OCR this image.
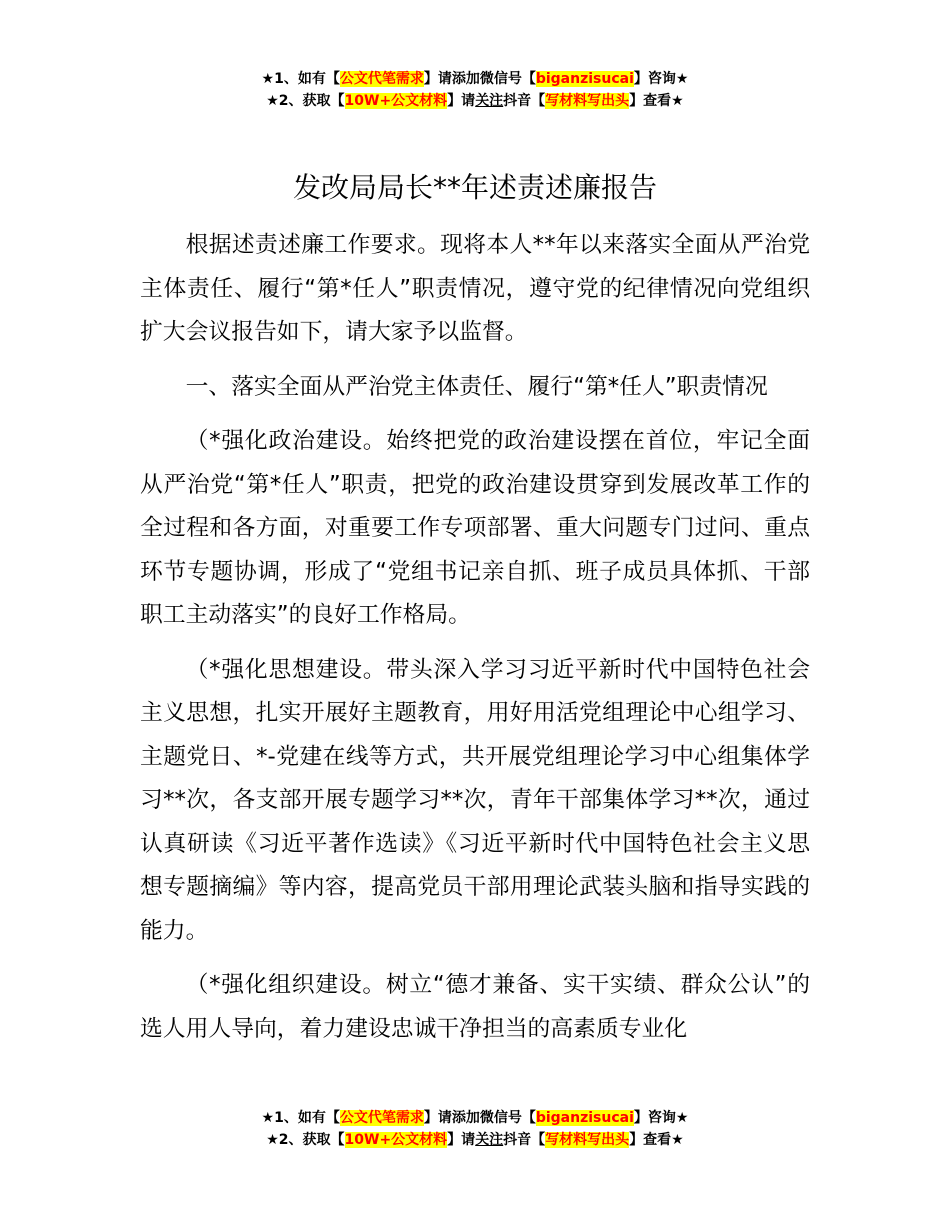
★1、如有【公文代笔需求】请添加微信号【biganzisucai】咨询★
★2、获取【10W+公文材料】请关注抖音【写材料写出头】查看★
发改局局长**年述责述廉报告

根据述责述廉工作要求。现将本人**年以来落实全面从严治党主体责任、履行“第*任人”职责情况，遵守党的纪律情况向党组织扩大会议报告如下，请大家予以监督。

一、落实全面从严治党主体责任、履行“第*任人”职责情况

（*强化政治建设。始终把党的政治建设摆在首位，牢记全面从严治党“第*任人”职责，把党的政治建设贯穿到发展改革工作的全过程和各方面，对重要工作专项部署、重大问题专门过问、重点环节专题协调，形成了“党组书记亲自抓、班子成员具体抓、干部职工主动落实”的良好工作格局。

（*强化思想建设。带头深入学习习近平新时代中国特色社会主义思想，扎实开展好主题教育，用好用活党组理论中心组学习、主题党日、*-党建在线等方式，共开展党组理论学习中心组集体学习**次，各支部开展专题学习**次，青年干部集体学习**次，通过认真研读《习近平著作选读》《习近平新时代中国特色社会主义思想专题摘编》等内容，提高党员干部用理论武装头脑和指导实践的能力。

（*强化组织建设。树立“德才兼备、实干实绩、群众公认”的选人用人导向，着力建设忠诚干净担当的高素质专业化

★1、如有【公文代笔需求】请添加微信号【biganzisucai】咨询★
★2、获取【10W+公文材料】请关注抖音【写材料写出头】查看★
